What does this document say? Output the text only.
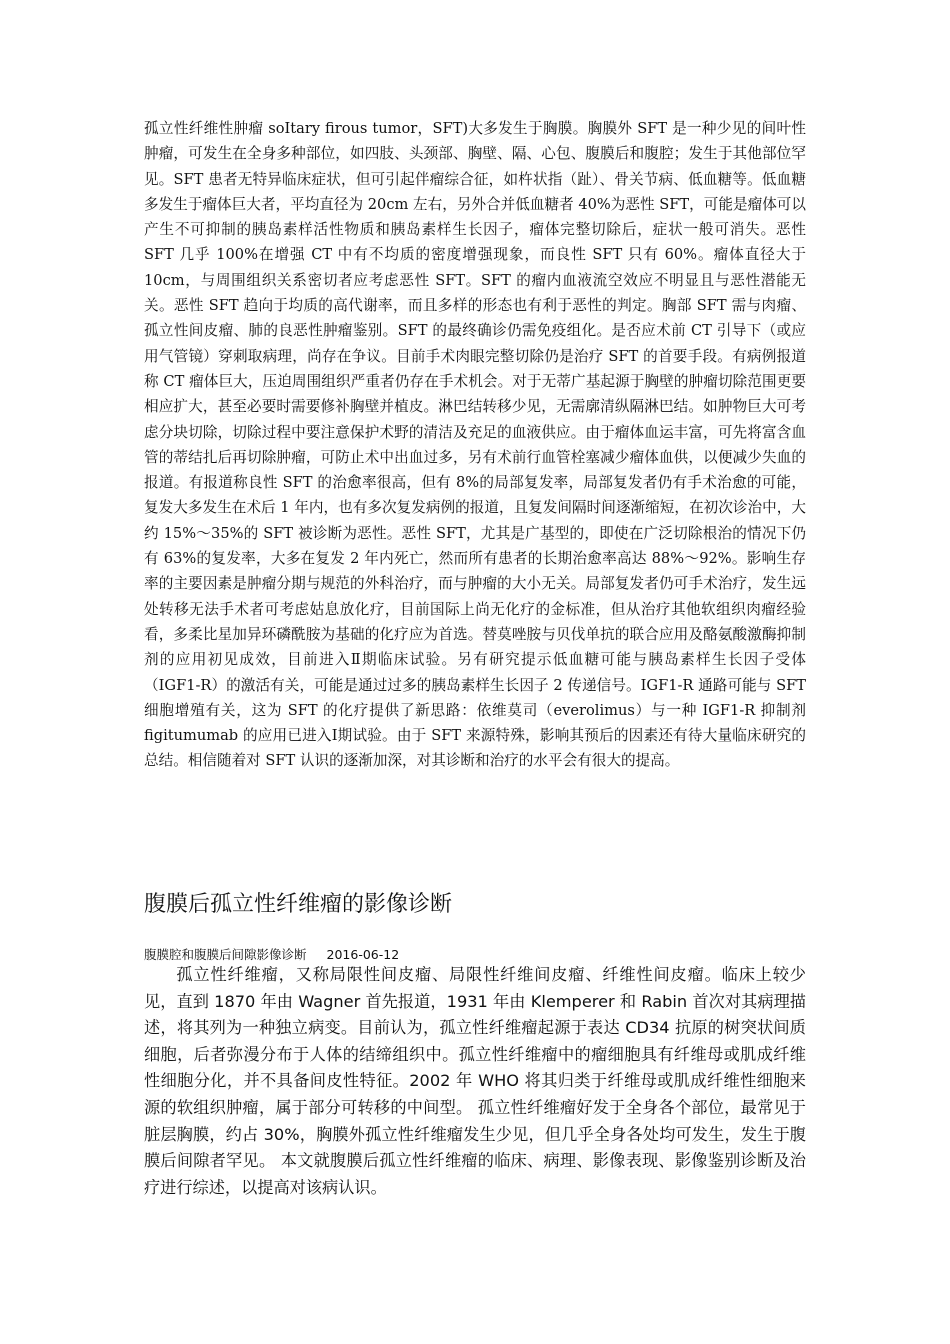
孤立性纤维性肿瘤 soItary firous tumor，SFT)大多发生于胸膜。胸膜外 SFT 是一种少见的间叶性肿瘤，可发生在全身多种部位，如四肢、头颈部、胸壁、隔、心包、腹膜后和腹腔；发生于其他部位罕见。SFT 患者无特异临床症状，但可引起伴瘤综合征，如杵状指（趾）、骨关节病、低血糖等。低血糖多发生于瘤体巨大者，平均直径为 20cm 左右，另外合并低血糖者 40%为恶性 SFT，可能是瘤体可以产生不可抑制的胰岛素样活性物质和胰岛素样生长因子，瘤体完整切除后，症状一般可消失。恶性 SFT 几乎 100%在增强 CT 中有不均质的密度增强现象，而良性 SFT 只有 60%。瘤体直径大于 10cm，与周围组织关系密切者应考虑恶性 SFT。SFT 的瘤内血液流空效应不明显且与恶性潜能无关。恶性 SFT 趋向于均质的高代谢率，而且多样的形态也有利于恶性的判定。胸部 SFT 需与肉瘤、孤立性间皮瘤、肺的良恶性肿瘤鉴别。SFT 的最终确诊仍需免疫组化。是否应术前 CT 引导下（或应用气管镜）穿刺取病理，尚存在争议。目前手术肉眼完整切除仍是治疗 SFT 的首要手段。有病例报道称 CT 瘤体巨大，压迫周围组织严重者仍存在手术机会。对于无蒂广基起源于胸壁的肿瘤切除范围更要相应扩大，甚至必要时需要修补胸壁并植皮。淋巴结转移少见，无需廓清纵隔淋巴结。如肿物巨大可考虑分块切除，切除过程中要注意保护术野的清洁及充足的血液供应。由于瘤体血运丰富，可先将富含血管的蒂结扎后再切除肿瘤，可防止术中出血过多，另有术前行血管栓塞减少瘤体血供，以便减少失血的报道。有报道称良性 SFT 的治愈率很高，但有 8%的局部复发率，局部复发者仍有手术治愈的可能，复发大多发生在术后 1 年内，也有多次复发病例的报道，且复发间隔时间逐渐缩短，在初次诊治中，大约 15%～35%的 SFT 被诊断为恶性。恶性 SFT，尤其是广基型的，即使在广泛切除根治的情况下仍有 63%的复发率，大多在复发 2 年内死亡，然而所有患者的长期治愈率高达 88%～92%。影响生存率的主要因素是肿瘤分期与规范的外科治疗，而与肿瘤的大小无关。局部复发者仍可手术治疗，发生远处转移无法手术者可考虑姑息放化疗，目前国际上尚无化疗的金标准，但从治疗其他软组织肉瘤经验看，多柔比星加异环磷酰胺为基础的化疗应为首选。替莫唑胺与贝伐单抗的联合应用及酪氨酸激酶抑制剂的应用初见成效，目前进入Ⅱ期临床试验。另有研究提示低血糖可能与胰岛素样生长因子受体（IGF1-R）的激活有关，可能是通过过多的胰岛素样生长因子 2 传递信号。IGF1-R 通路可能与 SFT 细胞增殖有关，这为 SFT 的化疗提供了新思路：依维莫司（everolimus）与一种 IGF1-R 抑制剂 figitumumab 的应用已进入Ⅰ期试验。由于 SFT 来源特殊，影响其预后的因素还有待大量临床研究的总结。相信随着对 SFT 认识的逐渐加深，对其诊断和治疗的水平会有很大的提高。

腹膜后孤立性纤维瘤的影像诊断
腹膜腔和腹膜后间隙影像诊断 2016-06-12

孤立性纤维瘤，又称局限性间皮瘤、局限性纤维间皮瘤、纤维性间皮瘤。临床上较少见，直到 1870 年由 Wagner 首先报道，1931 年由 Klemperer 和 Rabin 首次对其病理描述，将其列为一种独立病变。目前认为，孤立性纤维瘤起源于表达 CD34 抗原的树突状间质细胞，后者弥漫分布于人体的结缔组织中。孤立性纤维瘤中的瘤细胞具有纤维母或肌成纤维性细胞分化，并不具备间皮性特征。2002 年 WHO 将其归类于纤维母或肌成纤维性细胞来源的软组织肿瘤，属于部分可转移的中间型。 孤立性纤维瘤好发于全身各个部位，最常见于脏层胸膜，约占 30%，胸膜外孤立性纤维瘤发生少见，但几乎全身各处均可发生，发生于腹膜后间隙者罕见。 本文就腹膜后孤立性纤维瘤的临床、病理、影像表现、影像鉴别诊断及治疗进行综述，以提高对该病认识。
